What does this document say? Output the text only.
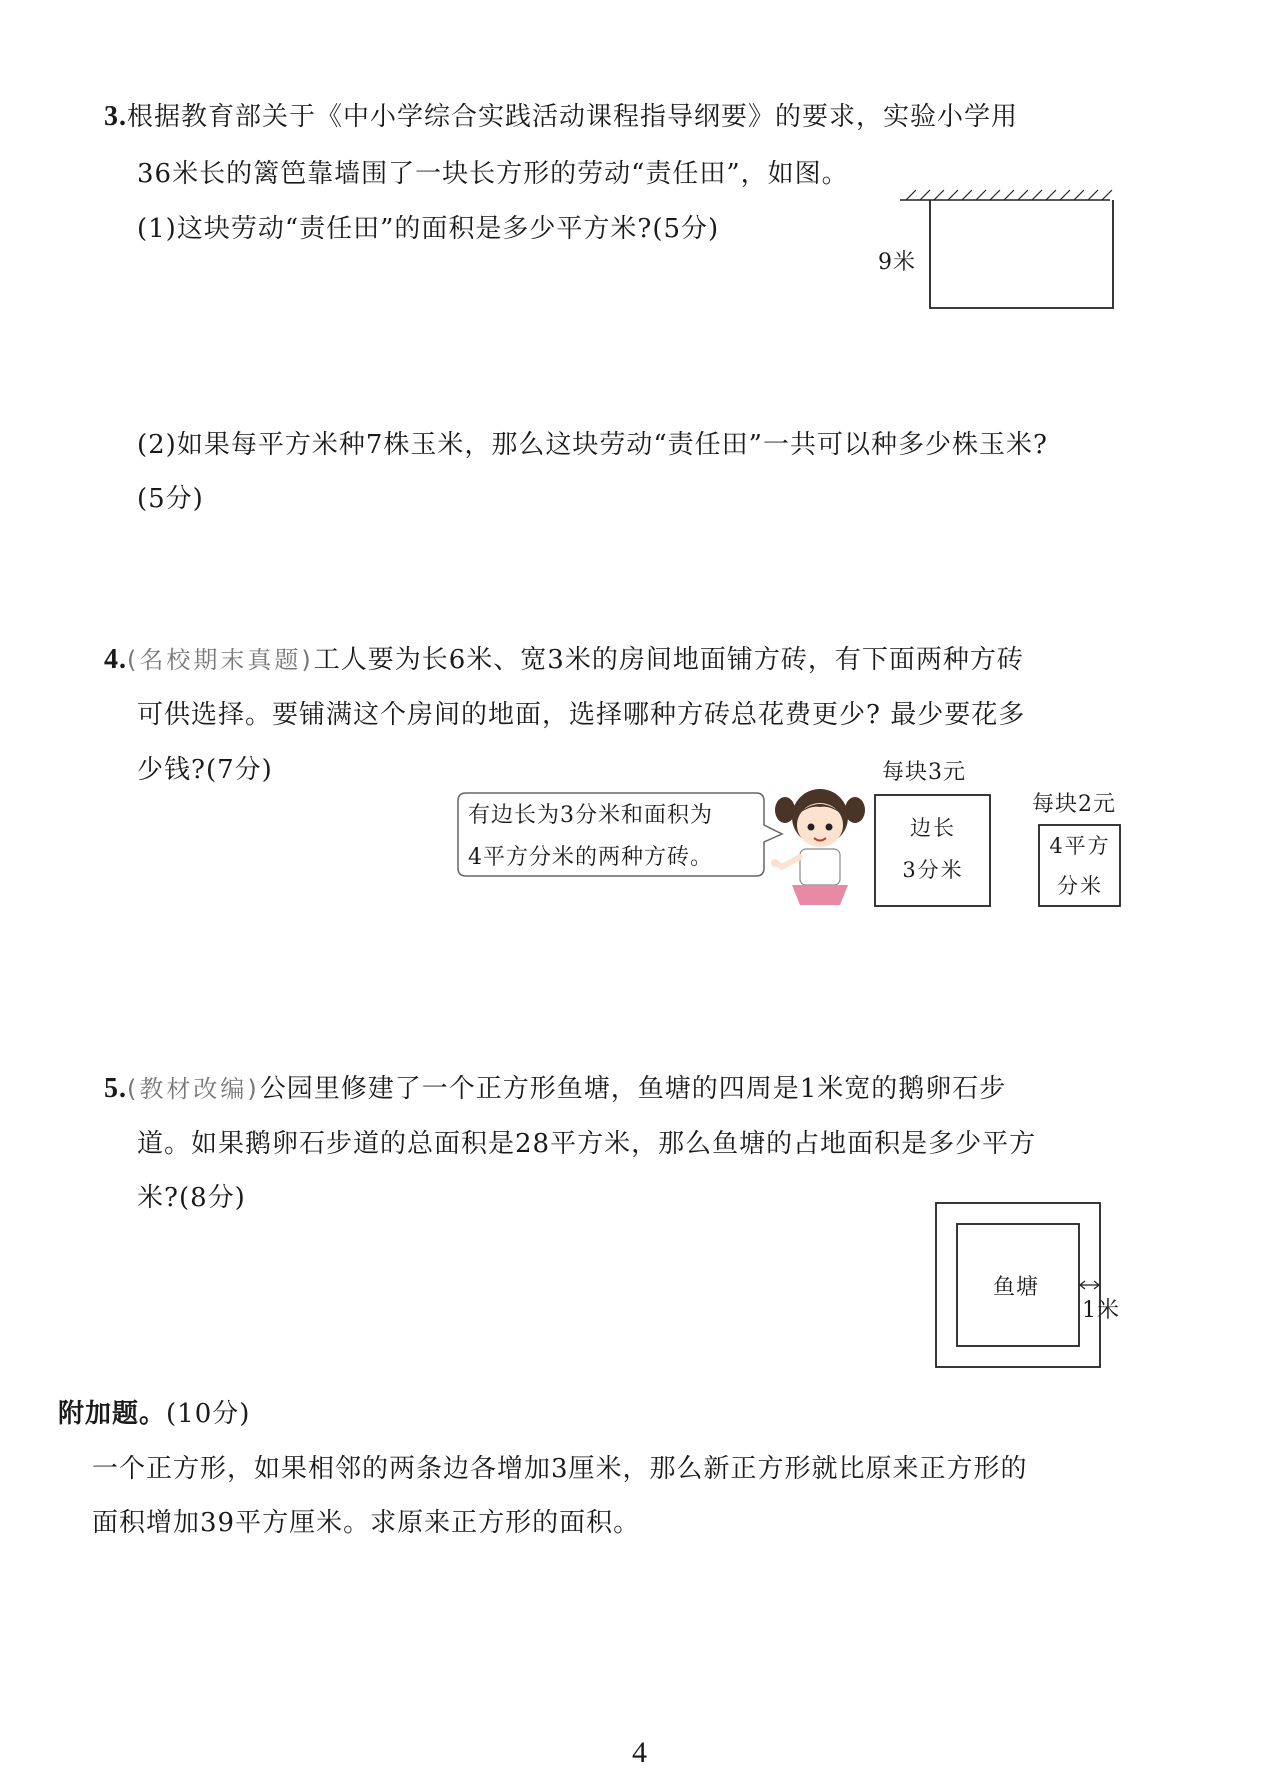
3.根据教育部关于《中小学综合实践活动课程指导纲要》的要求，实验小学用
36米长的篱笆靠墙围了一块长方形的劳动“责任田”，如图。
(1)这块劳动“责任田”的面积是多少平方米?(5分)
9米
(2)如果每平方米种7株玉米，那么这块劳动“责任田”一共可以种多少株玉米?
(5分)
4.(名校期末真题)工人要为长6米、宽3米的房间地面铺方砖，有下面两种方砖
可供选择。要铺满这个房间的地面，选择哪种方砖总花费更少? 最少要花多
少钱?(7分)
有边长为3分米和面积为
4平方分米的两种方砖。
每块3元
边长
3分米
每块2元
4平方
分米
5.(教材改编)公园里修建了一个正方形鱼塘，鱼塘的四周是1米宽的鹅卵石步
道。如果鹅卵石步道的总面积是28平方米，那么鱼塘的占地面积是多少平方
米?(8分)
鱼塘
1米
附加题。(10分)
一个正方形，如果相邻的两条边各增加3厘米，那么新正方形就比原来正方形的
面积增加39平方厘米。求原来正方形的面积。
4
